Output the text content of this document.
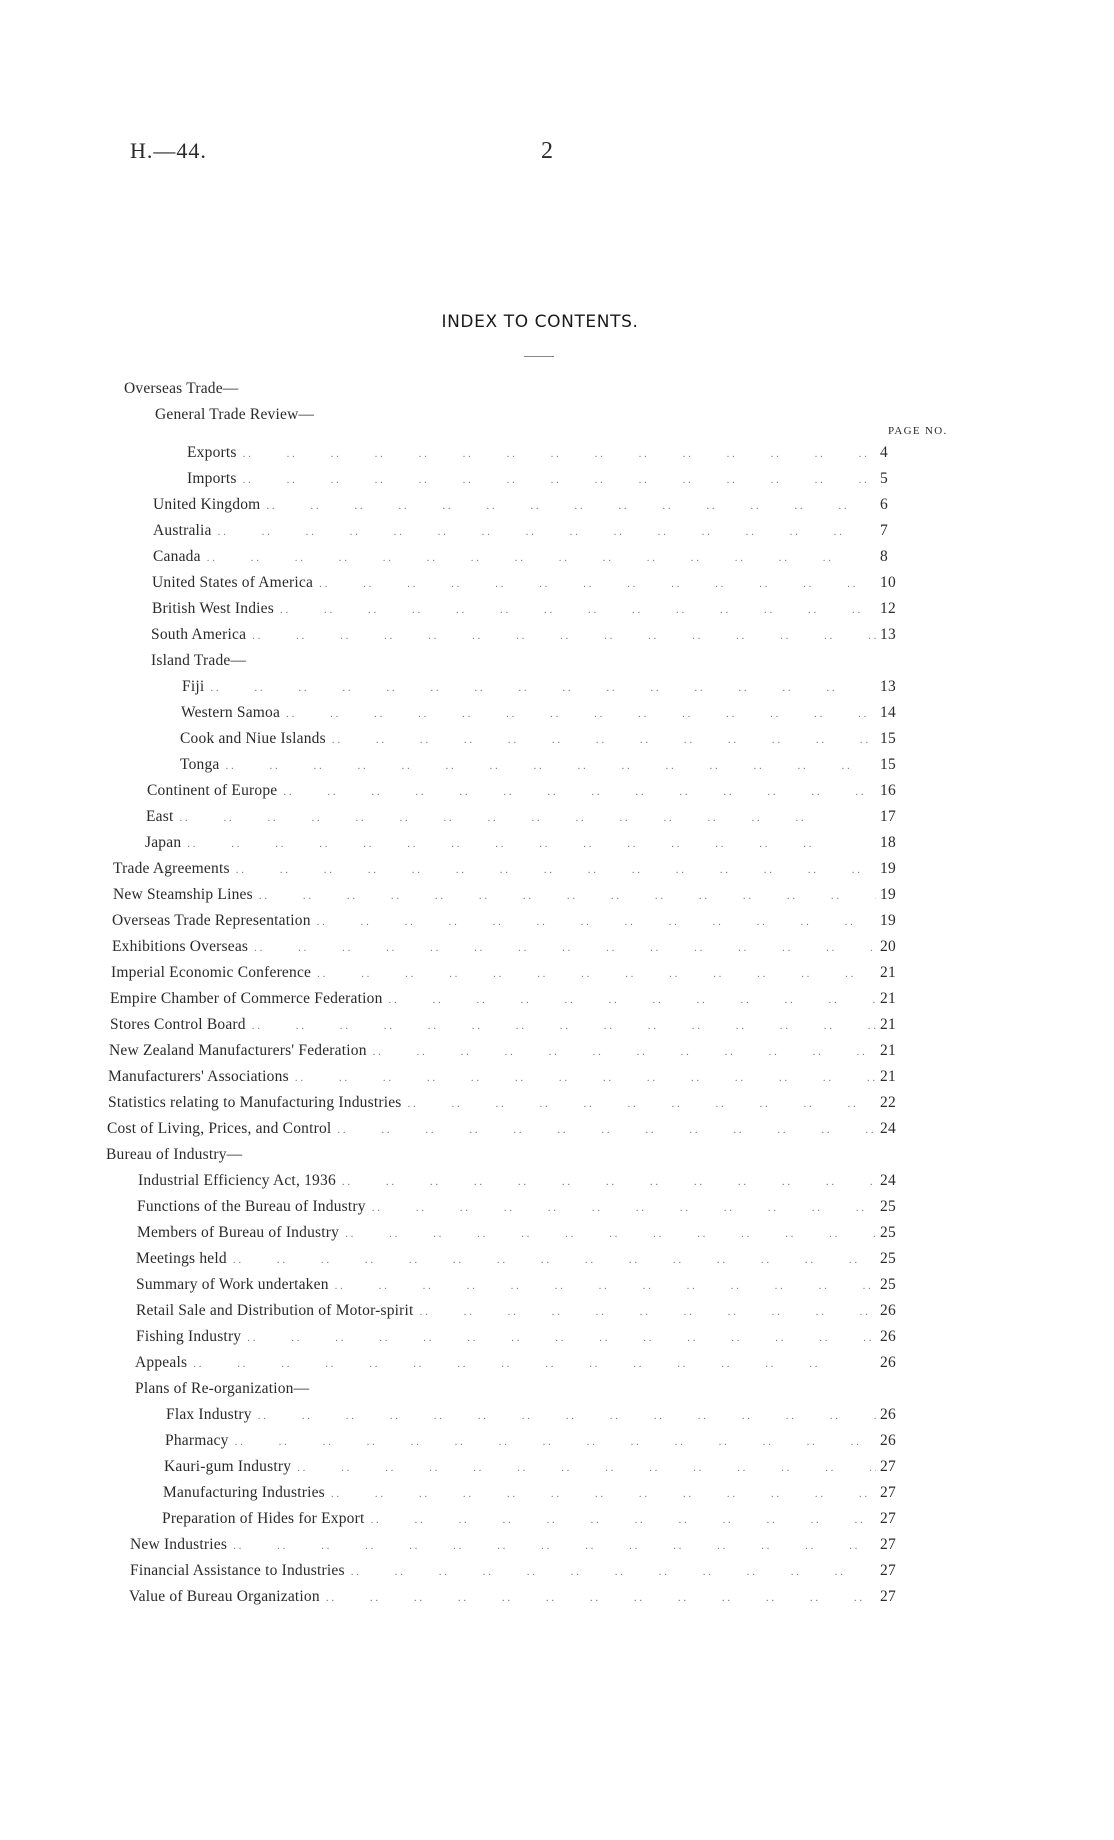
H.—44.	2
INDEX TO CONTENTS.
PAGE NO.
Overseas Trade—
General Trade Review—
Exports . .	4
Imports . .	5
United Kingdom . .	6
Australia . .	7
Canada . .	8
United States of America . .	10
British West Indies . .	12
South America . .	13
Island Trade—
Fiji . .	13
Western Samoa . .	14
Cook and Niue Islands . .	15
Tonga . .	15
Continent of Europe . .	16
East . .	17
Japan . .	18
Trade Agreements . .	19
New Steamship Lines . .	19
Overseas Trade Representation . .	19
Exhibitions Overseas . .	20
Imperial Economic Conference . .	21
Empire Chamber of Commerce Federation . .	21
Stores Control Board . .	21
New Zealand Manufacturers' Federation . .	21
Manufacturers' Associations . .	21
Statistics relating to Manufacturing Industries . .	22
Cost of Living, Prices, and Control . .	24
Bureau of Industry—
Industrial Efficiency Act, 1936 . .	24
Functions of the Bureau of Industry . .	25
Members of Bureau of Industry . .	25
Meetings held . .	25
Summary of Work undertaken . .	25
Retail Sale and Distribution of Motor-spirit . .	26
Fishing Industry . .	26
Appeals . .	26
Plans of Re-organization—
Flax Industry . .	26
Pharmacy . .	26
Kauri-gum Industry . .	27
Manufacturing Industries . .	27
Preparation of Hides for Export . .	27
New Industries . .	27
Financial Assistance to Industries . .	27
Value of Bureau Organization . .	27
